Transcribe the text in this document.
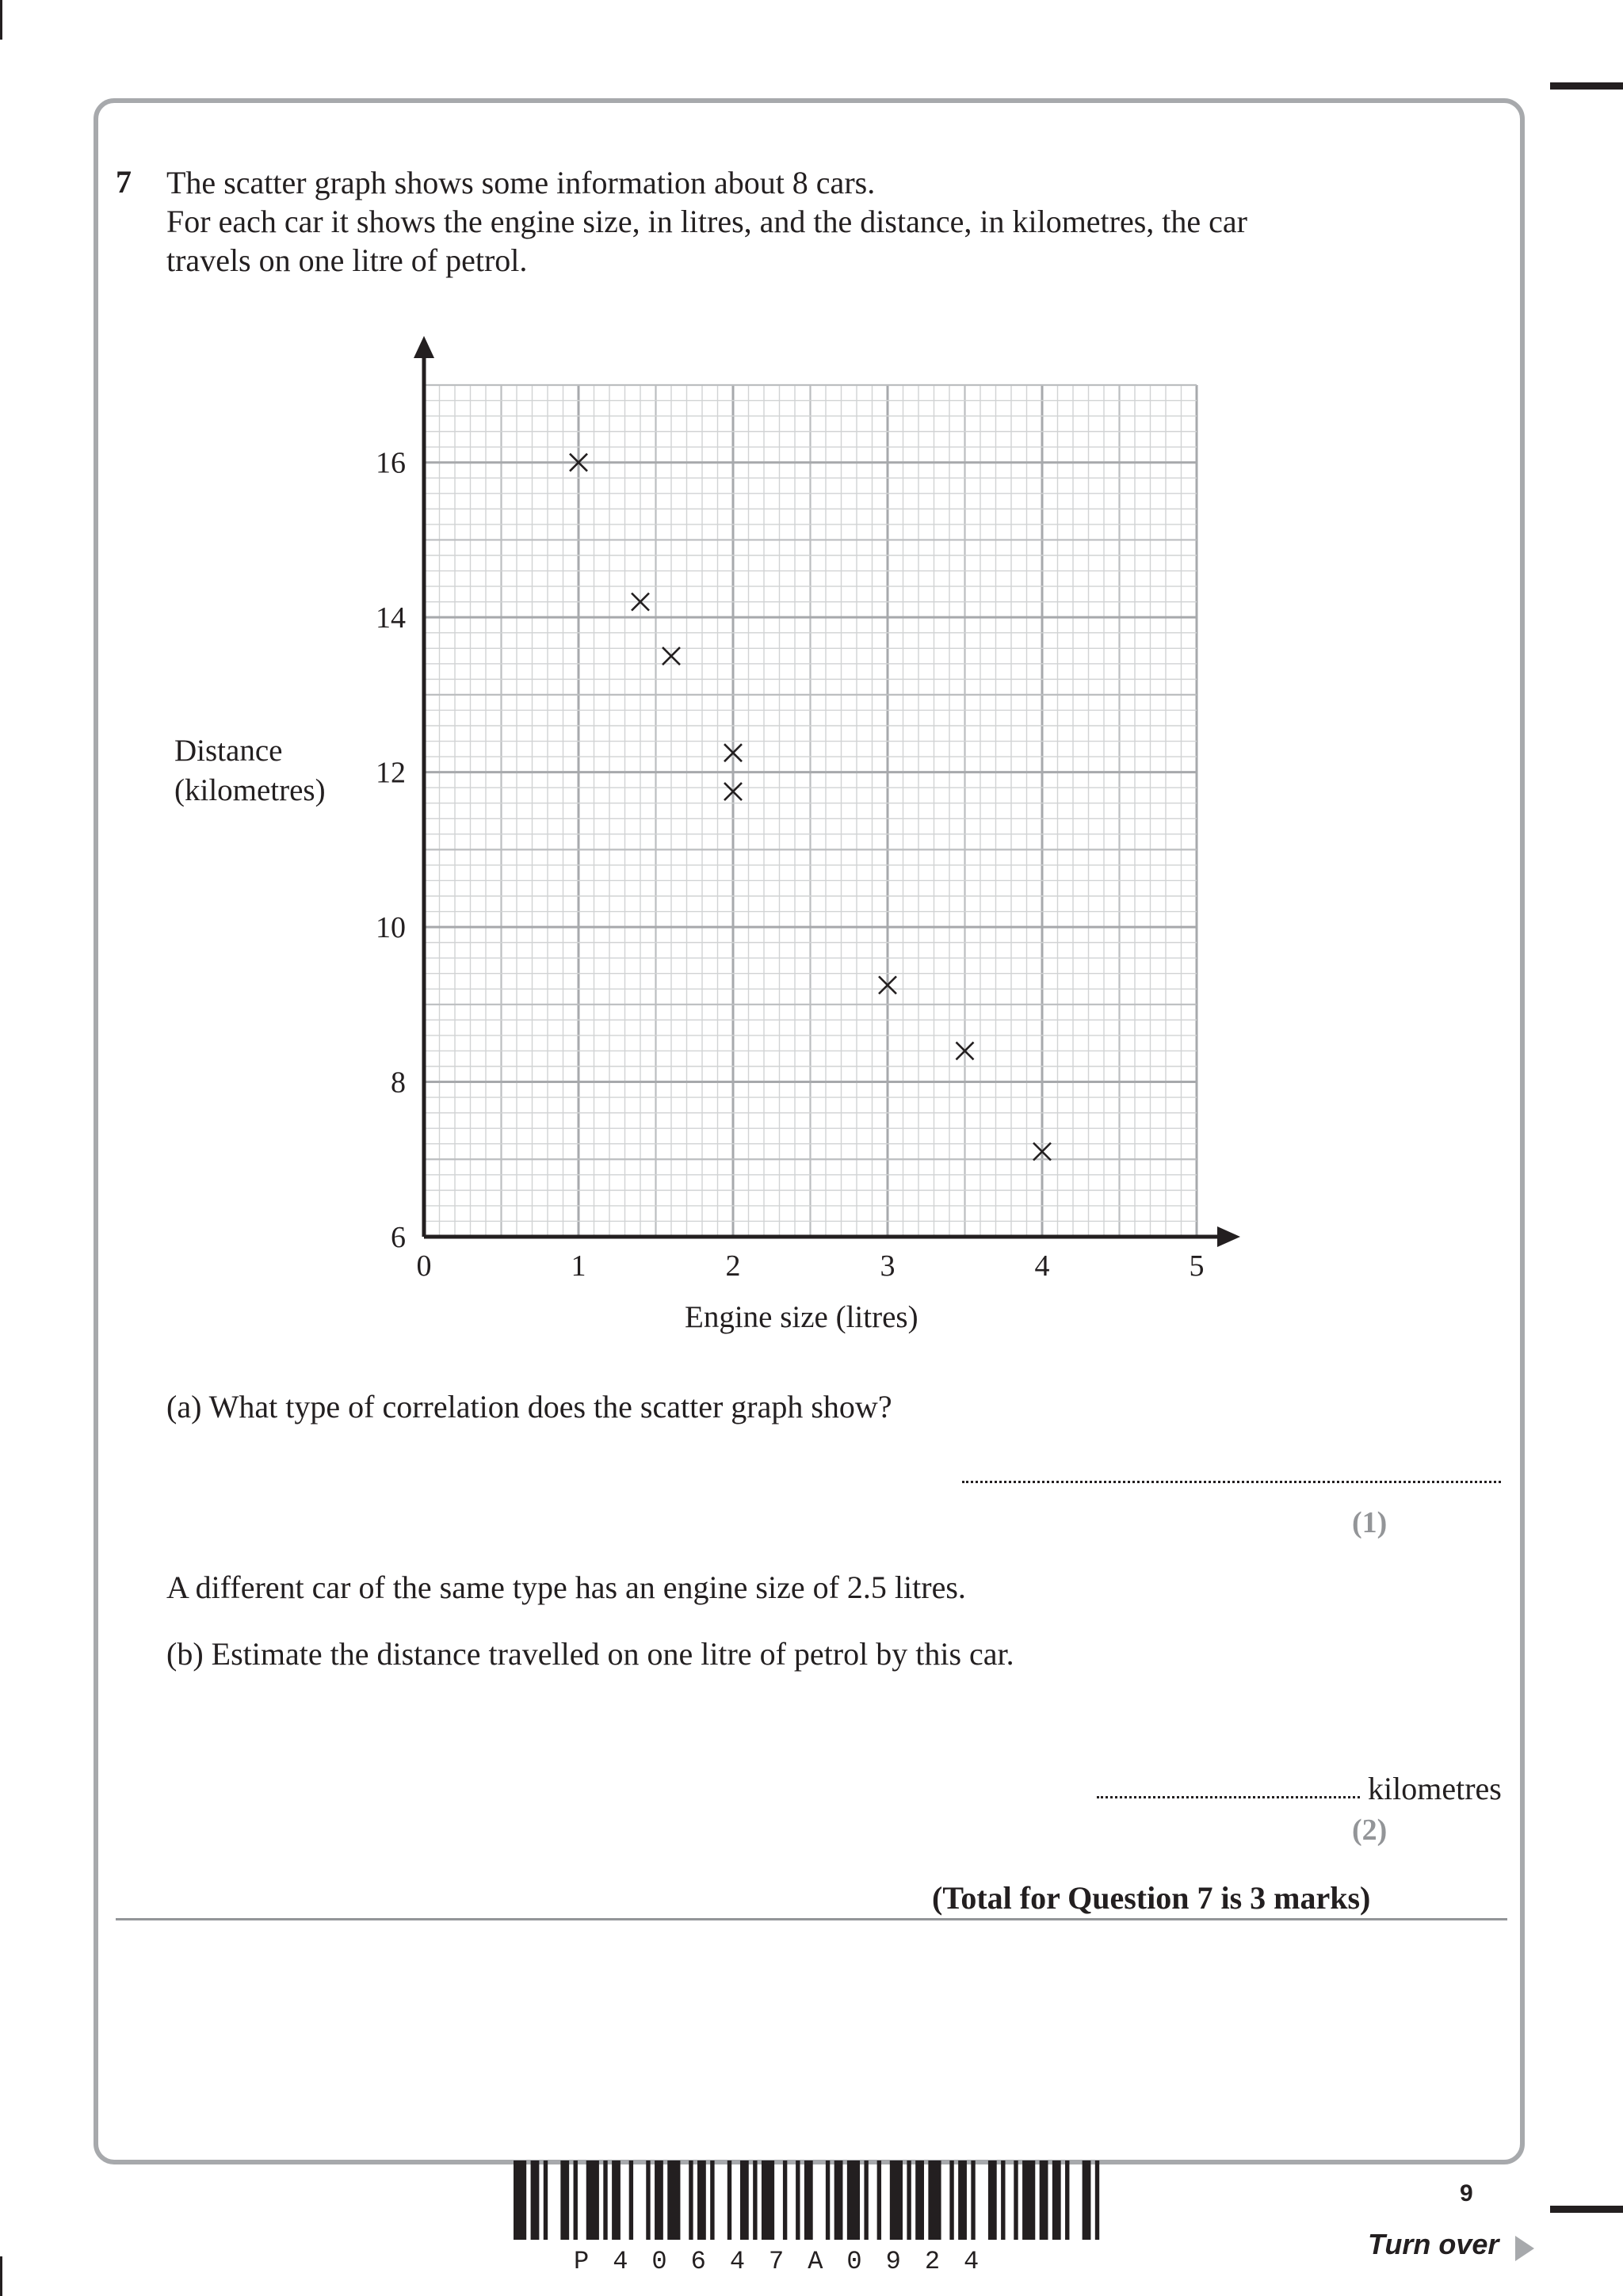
7 The scatter graph shows some information about 8 cars.
For each car it shows the engine size, in litres, and the distance, in kilometres, the car
travels on one litre of petrol.
Distance
(kilometres)
0	1	2	3	4	5
6
8
10
12
14
16
Engine size (litres)
(a) What type of correlation does the scatter graph show?
(1)
A different car of the same type has an engine size of 2.5 litres.
(b) Estimate the distance travelled on one litre of petrol by this car.
kilometres
(2)
(Total for Question 7 is 3 marks)
P40647A0924
9
Turn over
